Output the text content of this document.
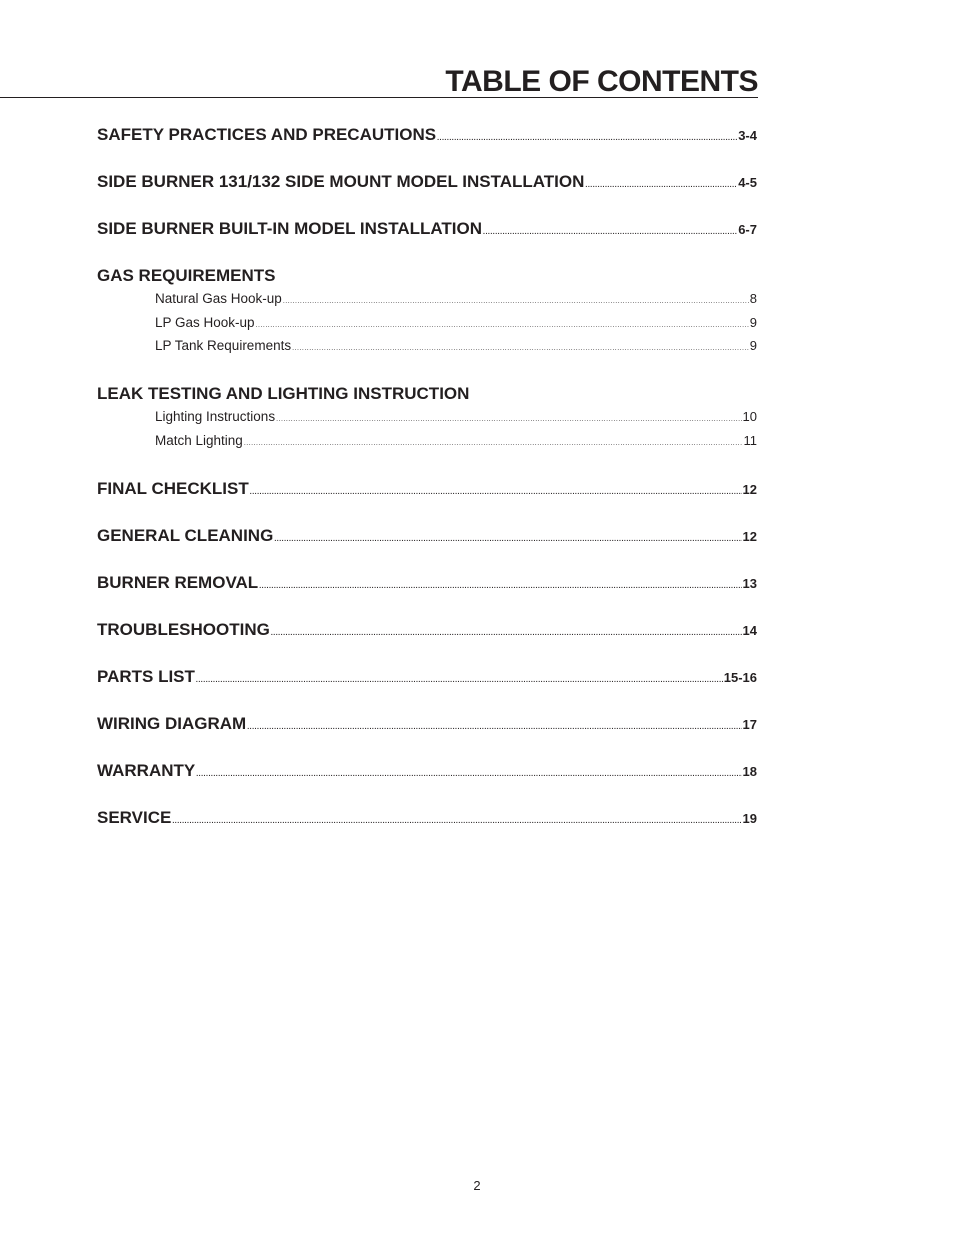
TABLE OF CONTENTS
SAFETY PRACTICES AND PRECAUTIONS .....	3-4
SIDE BURNER 131/132 SIDE MOUNT MODEL INSTALLATION .....	4-5
SIDE BURNER BUILT-IN MODEL INSTALLATION .....	6-7
GAS REQUIREMENTS
Natural Gas Hook-up .....	8
LP Gas Hook-up .....	9
LP Tank Requirements .....	9
LEAK TESTING AND LIGHTING INSTRUCTION
Lighting Instructions .....	10
Match Lighting .....	11
FINAL CHECKLIST .....	12
GENERAL CLEANING .....	12
BURNER REMOVAL .....	13
TROUBLESHOOTING .....	14
PARTS LIST .....	15-16
WIRING DIAGRAM .....	17
WARRANTY .....	18
SERVICE .....	19
2
